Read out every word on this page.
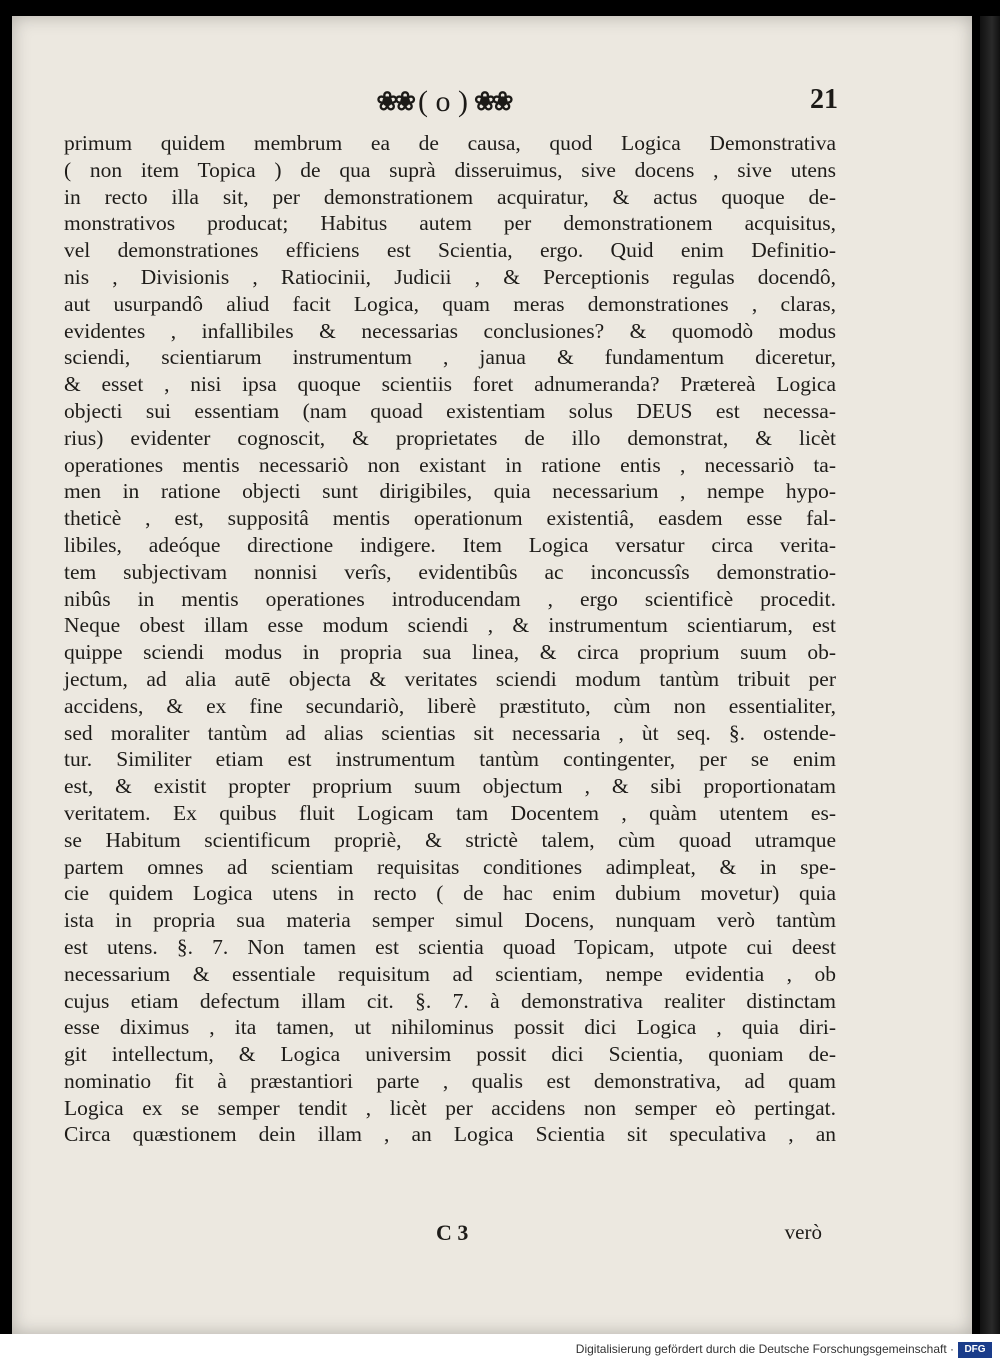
❀❀ ( o ) ❀❀	21
primum quidem membrum ea de causa, quod Logica Demonstrativa
( non item Topica ) de qua suprà disseruimus, sive docens , sive utens
in recto illa sit, per demonstrationem acquiratur, & actus quoque de-
monstrativos producat; Habitus autem per demonstrationem acquisitus,
vel demonstrationes efficiens est Scientia, ergo. Quid enim Definitio-
nis , Divisionis , Ratiocinii, Judicii , & Perceptionis regulas docendô,
aut usurpandô aliud facit Logica, quam meras demonstrationes , claras,
evidentes , infallibiles & necessarias conclusiones? & quomodò modus
sciendi, scientiarum instrumentum , janua & fundamentum diceretur,
& esset , nisi ipsa quoque scientiis foret adnumeranda? Prætereà Logica
objecti sui essentiam (nam quoad existentiam solus DEUS est necessa-
rius) evidenter cognoscit, & proprietates de illo demonstrat, & licèt
operationes mentis necessariò non existant in ratione entis , necessariò ta-
men in ratione objecti sunt dirigibiles, quia necessarium , nempe hypo-
theticè , est, suppositâ mentis operationum existentiâ, easdem esse fal-
libiles, adeóque directione indigere. Item Logica versatur circa verita-
tem subjectivam nonnisi verîs, evidentibûs ac inconcussîs demonstratio-
nibûs in mentis operationes introducendam , ergo scientificè procedit.
Neque obest illam esse modum sciendi , & instrumentum scientiarum, est
quippe sciendi modus in propria sua linea, & circa proprium suum ob-
jectum, ad alia autē objecta & veritates sciendi modum tantùm tribuit per
accidens, & ex fine secundariò, liberè præstituto, cùm non essentialiter,
sed moraliter tantùm ad alias scientias sit necessaria , ùt seq. §. ostende-
tur. Similiter etiam est instrumentum tantùm contingenter, per se enim
est, & existit propter proprium suum objectum , & sibi proportionatam
veritatem. Ex quibus fluit Logicam tam Docentem , quàm utentem es-
se Habitum scientificum propriè, & strictè talem, cùm quoad utramque
partem omnes ad scientiam requisitas conditiones adimpleat, & in spe-
cie quidem Logica utens in recto ( de hac enim dubium movetur) quia
ista in propria sua materia semper simul Docens, nunquam verò tantùm
est utens. §. 7. Non tamen est scientia quoad Topicam, utpote cui deest
necessarium & essentiale requisitum ad scientiam, nempe evidentia , ob
cujus etiam defectum illam cit. §. 7. à demonstrativa realiter distinctam
esse diximus , ita tamen, ut nihilominus possit dici Logica , quia diri-
git intellectum, & Logica universim possit dici Scientia, quoniam de-
nominatio fit à præstantiori parte , qualis est demonstrativa, ad quam
Logica ex se semper tendit , licèt per accidens non semper eò pertingat.
Circa quæstionem dein illam , an Logica Scientia sit speculativa , an
C 3	verò
Digitalisierung gefördert durch die Deutsche Forschungsgemeinschaft ·	DFG
